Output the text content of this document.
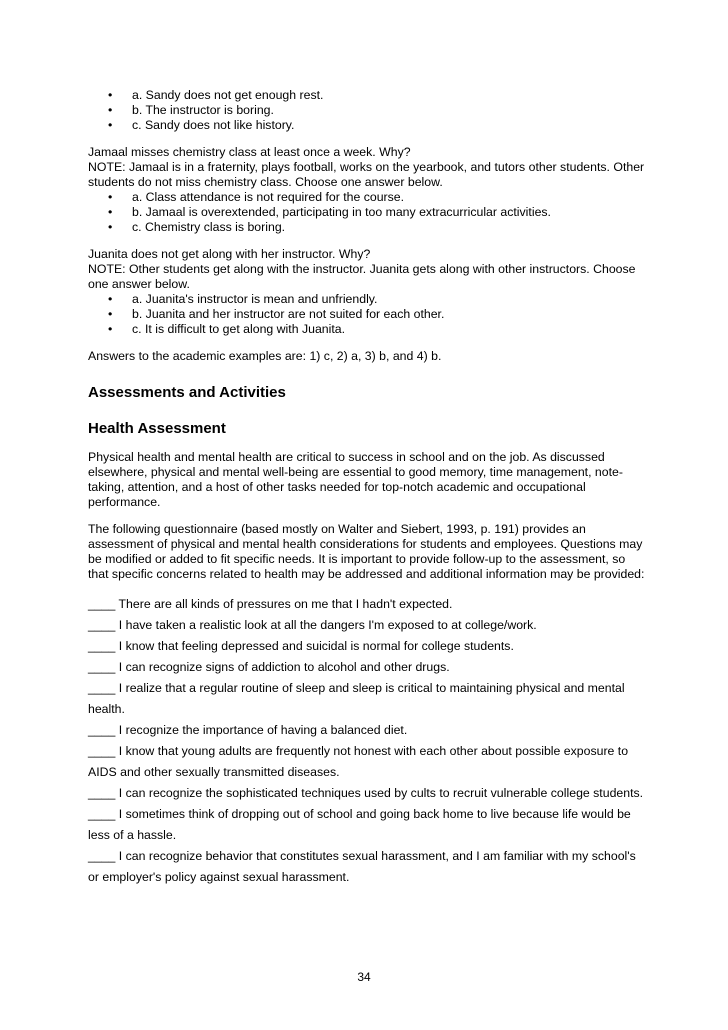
• a. Sandy does not get enough rest.
• b. The instructor is boring.
• c. Sandy does not like history.

Jamaal misses chemistry class at least once a week. Why?

NOTE: Jamaal is in a fraternity, plays football, works on the yearbook, and tutors other students. Other students do not miss chemistry class. Choose one answer below.

• a. Class attendance is not required for the course.
• b. Jamaal is overextended, participating in too many extracurricular activities.
• c. Chemistry class is boring.

Juanita does not get along with her instructor. Why?

NOTE: Other students get along with the instructor. Juanita gets along with other instructors. Choose one answer below.

• a. Juanita's instructor is mean and unfriendly.
• b. Juanita and her instructor are not suited for each other.
• c. It is difficult to get along with Juanita.

Answers to the academic examples are: 1) c, 2) a, 3) b, and 4) b.

Assessments and Activities
Health Assessment

Physical health and mental health are critical to success in school and on the job. As discussed elsewhere, physical and mental well-being are essential to good memory, time management, note-taking, attention, and a host of other tasks needed for top-notch academic and occupational performance.

The following questionnaire (based mostly on Walter and Siebert, 1993, p. 191) provides an assessment of physical and mental health considerations for students and employees. Questions may be modified or added to fit specific needs. It is important to provide follow-up to the assessment, so that specific concerns related to health may be addressed and additional information may be provided:

____ There are all kinds of pressures on me that I hadn't expected.
____ I have taken a realistic look at all the dangers I'm exposed to at college/work.
____ I know that feeling depressed and suicidal is normal for college students.
____ I can recognize signs of addiction to alcohol and other drugs.
____ I realize that a regular routine of sleep and sleep is critical to maintaining physical and mental health.
____ I recognize the importance of having a balanced diet.
____ I know that young adults are frequently not honest with each other about possible exposure to AIDS and other sexually transmitted diseases.
____ I can recognize the sophisticated techniques used by cults to recruit vulnerable college students.
____ I sometimes think of dropping out of school and going back home to live because life would be less of a hassle.
____ I can recognize behavior that constitutes sexual harassment, and I am familiar with my school's or employer's policy against sexual harassment.
34
